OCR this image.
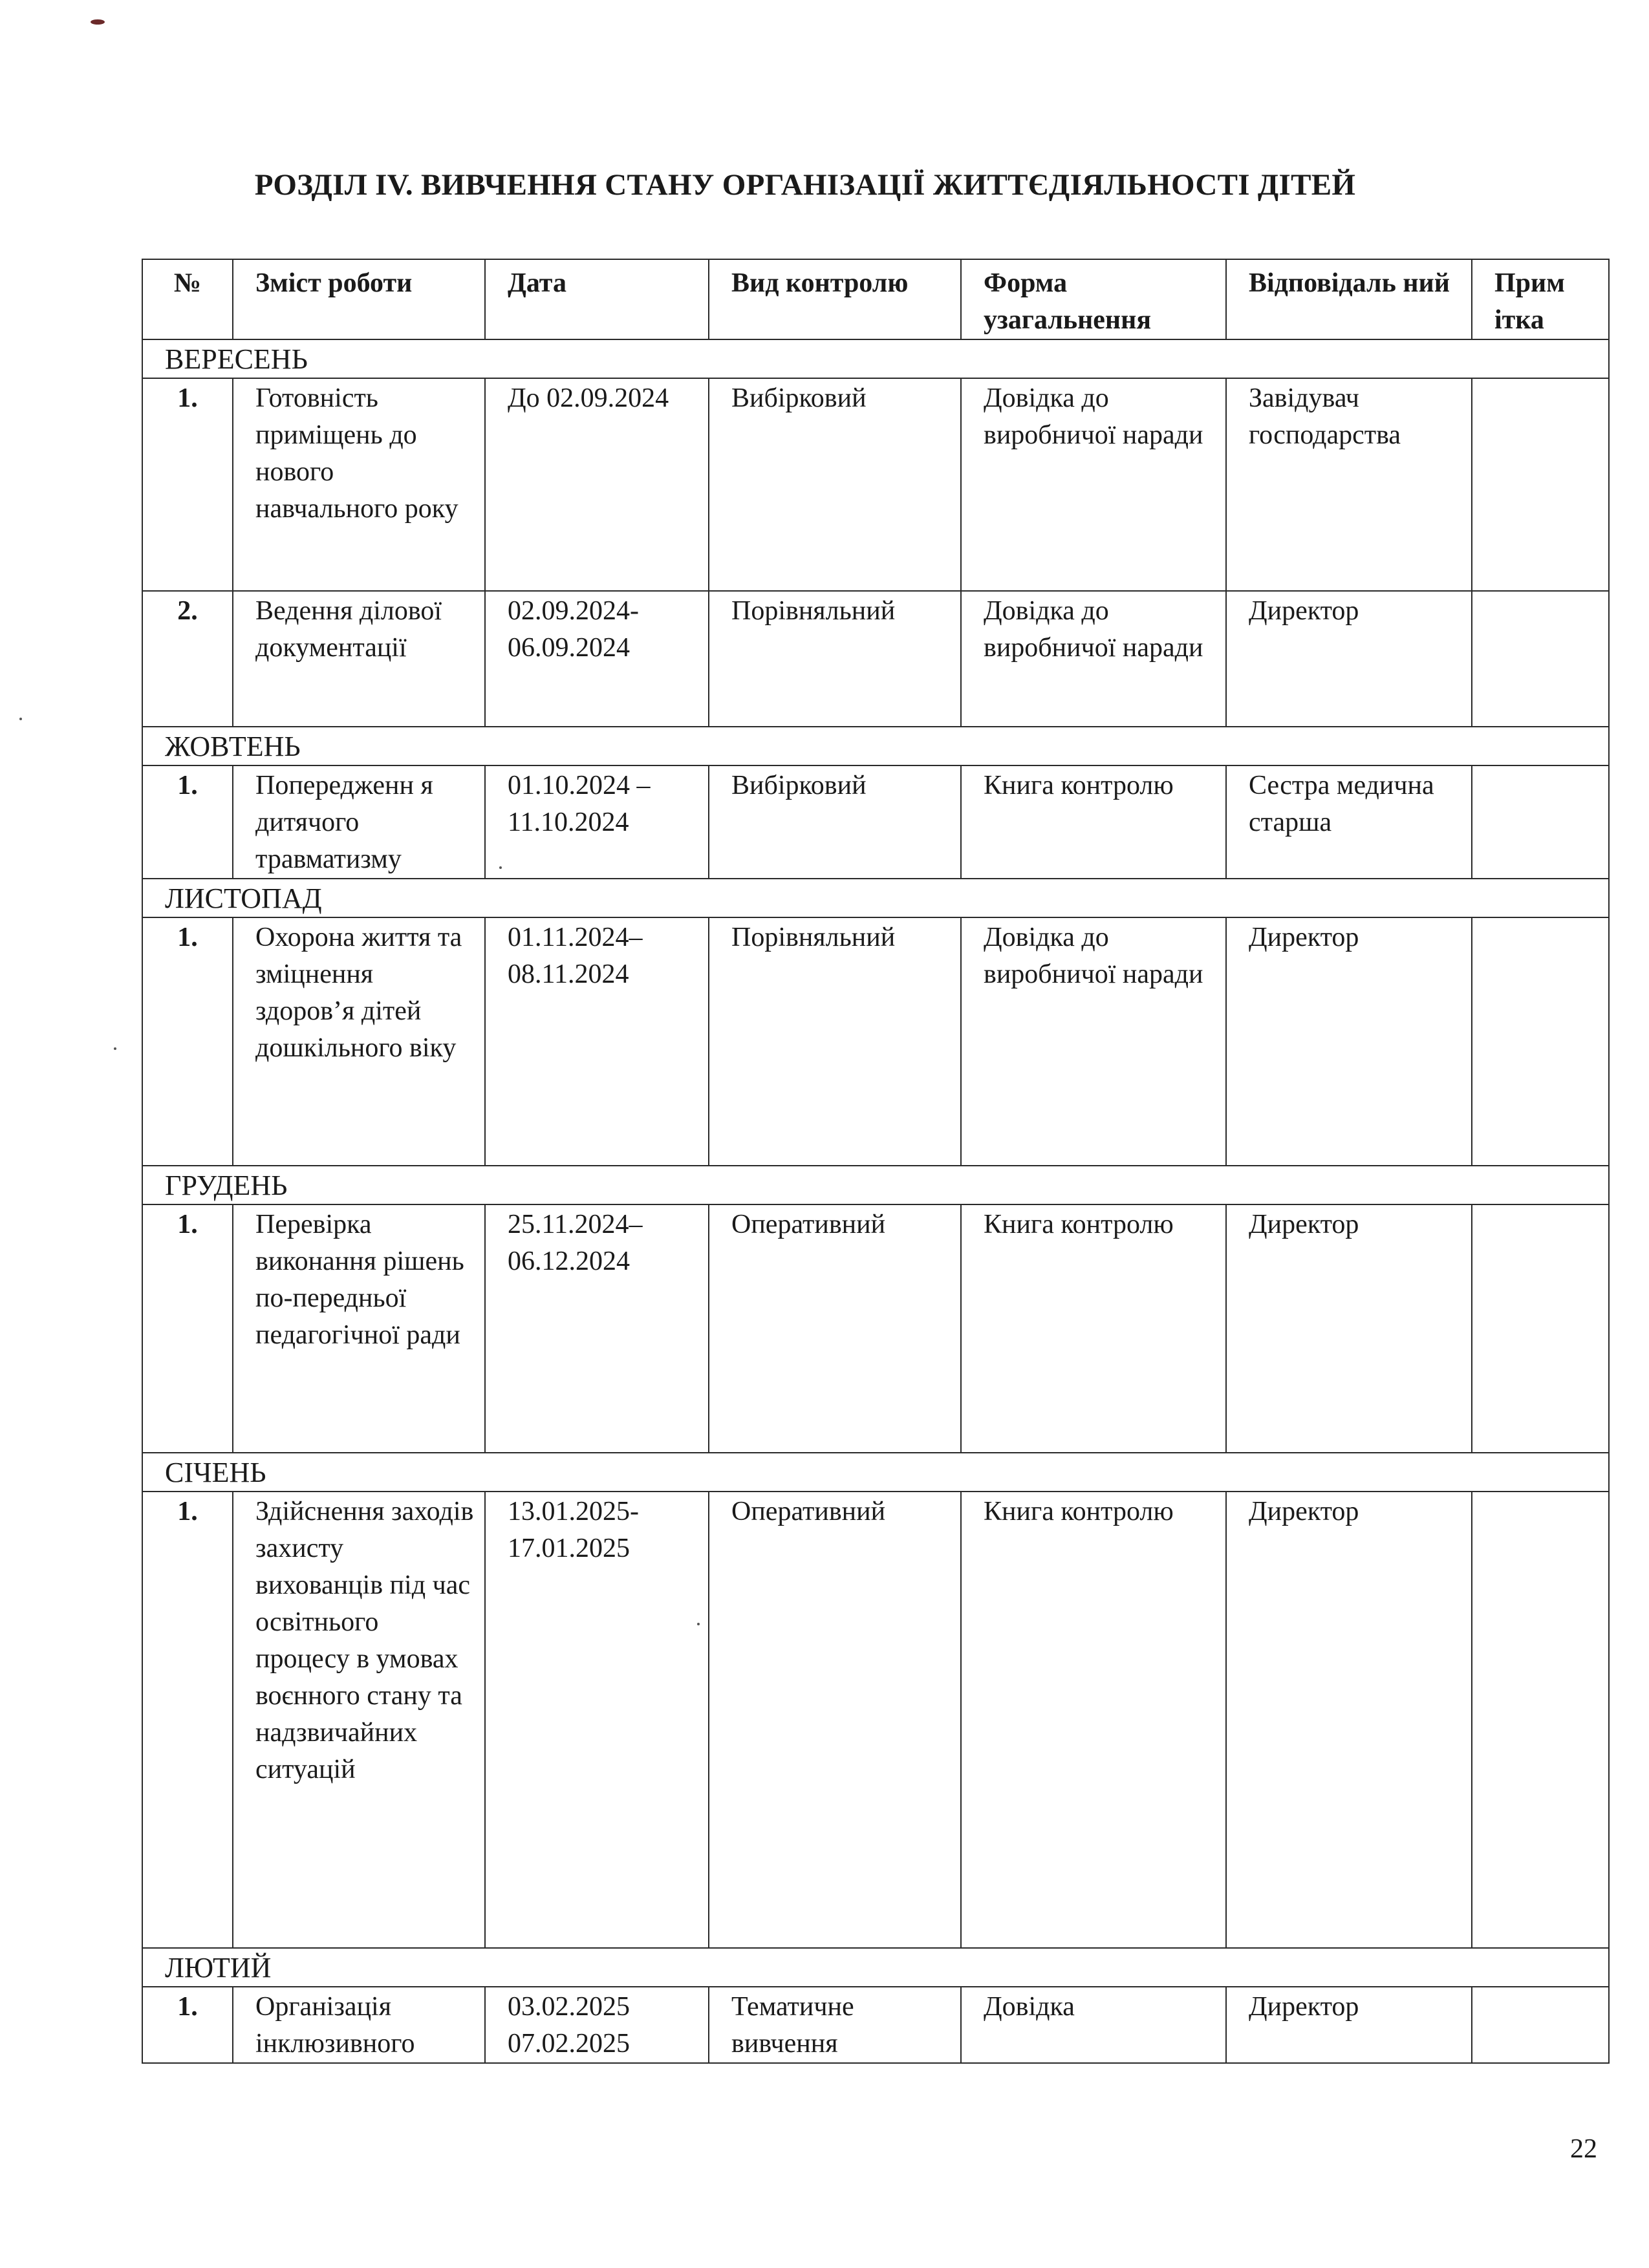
РОЗДІЛ IV. ВИВЧЕННЯ СТАНУ ОРГАНІЗАЦІЇ ЖИТТЄДІЯЛЬНОСТІ ДІТЕЙ
№	Зміст роботи	Дата	Вид контролю	Форма узагальнення	Відповідаль ний	Прим ітка
ВЕРЕСЕНЬ						
1.	Готовність приміщень до нового навчального року	До 02.09.2024	Вибірковий	Довідка до виробничої наради	Завідувач господарства	
2.	Ведення ділової документації	02.09.2024-06.09.2024	Порівняльний	Довідка до виробничої наради	Директор	
ЖОВТЕНЬ						
1.	Попередженн я дитячого травматизму	01.10.2024 – 11.10.2024	Вибірковий	Книга контролю	Сестра медична старша	
ЛИСТОПАД						
1.	Охорона життя та зміцнення здоров’я дітей дошкільного віку	01.11.2024– 08.11.2024	Порівняльний	Довідка до виробничої наради	Директор	
ГРУДЕНЬ						
1.	Перевірка виконання рішень по-передньої педагогічної ради	25.11.2024– 06.12.2024	Оперативний	Книга контролю	Директор	
СІЧЕНЬ						
1.	Здійснення заходів захисту вихованців під час освітнього процесу в умовах воєнного стану та надзвичайних ситуацій	13.01.2025-17.01.2025	Оперативний	Книга контролю	Директор	
ЛЮТИЙ						
1.	Організація інклюзивного	03.02.2025 07.02.2025	Тематичне вивчення	Довідка	Директор	
22
